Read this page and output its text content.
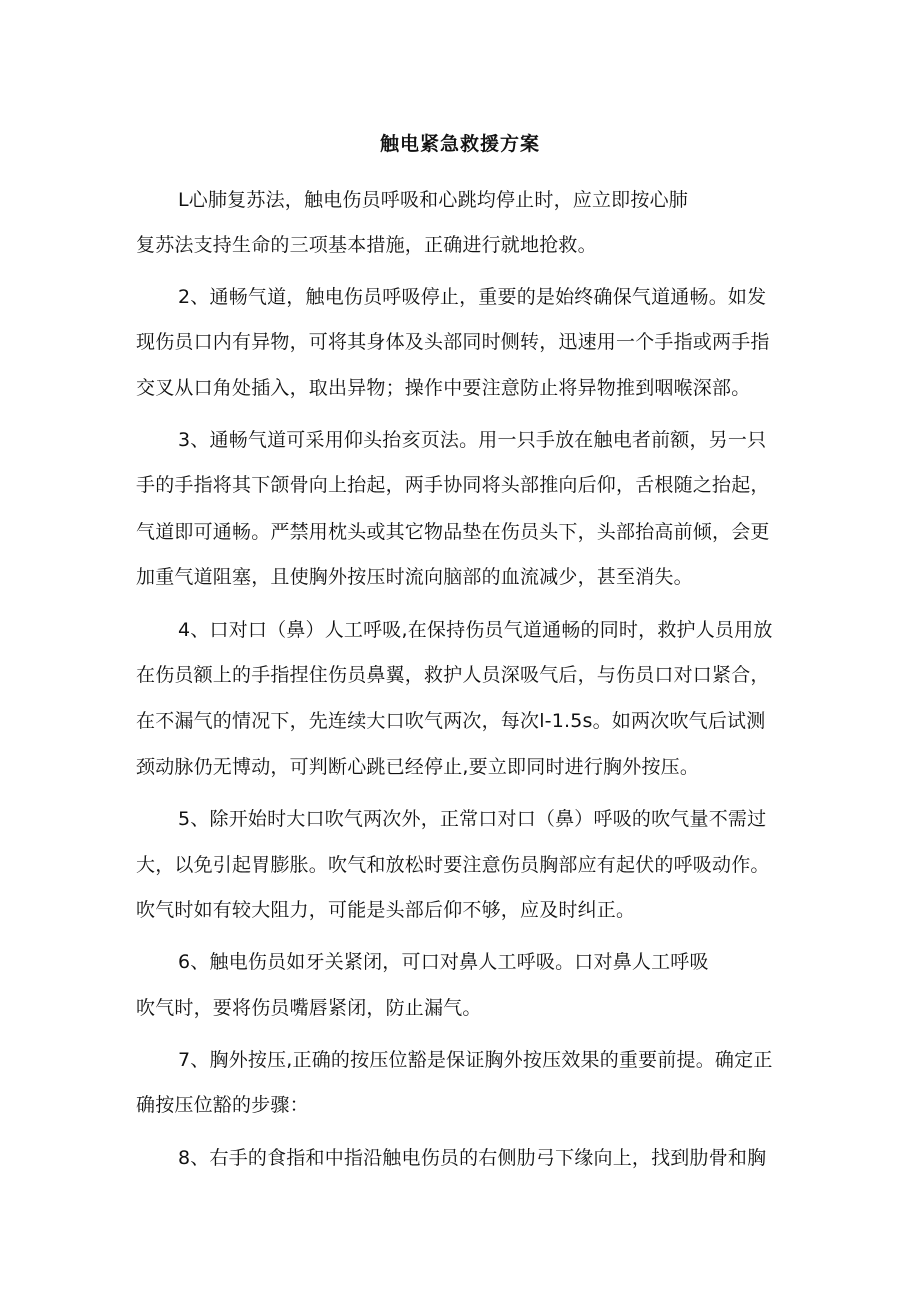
触电紧急救援方案
L心肺复苏法，触电伤员呼吸和心跳均停止时，应立即按心肺
复苏法支持生命的三项基本措施，正确进行就地抢救。
2、通畅气道，触电伤员呼吸停止，重要的是始终确保气道通畅。如发
现伤员口内有异物，可将其身体及头部同时侧转，迅速用一个手指或两手指
交叉从口角处插入，取出异物；操作中要注意防止将异物推到咽喉深部。
3、通畅气道可采用仰头抬亥页法。用一只手放在触电者前额，另一只
手的手指将其下颌骨向上抬起，两手协同将头部推向后仰，舌根随之抬起，
气道即可通畅。严禁用枕头或其它物品垫在伤员头下，头部抬高前倾，会更
加重气道阻塞，且使胸外按压时流向脑部的血流减少，甚至消失。
4、口对口（鼻）人工呼吸,在保持伤员气道通畅的同时，救护人员用放
在伤员额上的手指捏住伤员鼻翼，救护人员深吸气后，与伤员口对口紧合，
在不漏气的情况下，先连续大口吹气两次，每次l-1.5s。如两次吹气后试测
颈动脉仍无博动，可判断心跳已经停止,要立即同时进行胸外按压。
5、除开始时大口吹气两次外，正常口对口（鼻）呼吸的吹气量不需过
大，以免引起胃膨胀。吹气和放松时要注意伤员胸部应有起伏的呼吸动作。
吹气时如有较大阻力，可能是头部后仰不够，应及时纠正。
6、触电伤员如牙关紧闭，可口对鼻人工呼吸。口对鼻人工呼吸
吹气时，要将伤员嘴唇紧闭，防止漏气。
7、胸外按压,正确的按压位豁是保证胸外按压效果的重要前提。确定正
确按压位豁的步骤：
8、右手的食指和中指沿触电伤员的右侧肋弓下缘向上，找到肋骨和胸
